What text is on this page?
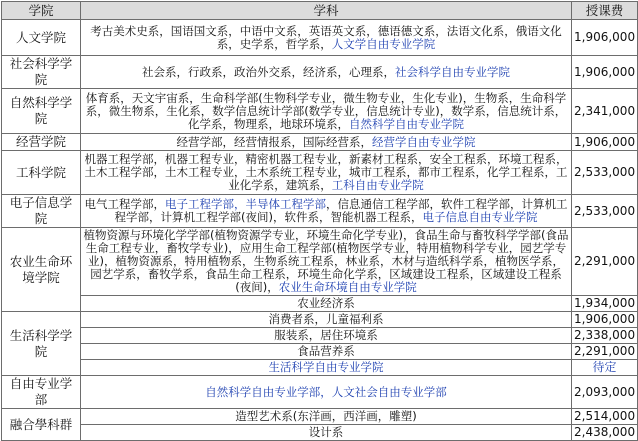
学院	学科	授课费
人文学院	考古美术史系，国语国文系，中语中文系，英语英文系，德语德文系，法语文化系，俄语文化系，史学系，哲学系，人文学自由专业学院	1,906,000
社会科学学院	社会系，行政系，政治外交系，经济系，心理系，社会科学自由专业学院	1,906,000
自然科学学院	体育系，天文宇宙系，生命科学部(生物科学专业，微生物专业，生化专业)，生物系，生命科学系，微生物系，生化系，数学信息统计学部(数学专业，信息统计专业)，数学系，信息统计系，化学系，物理系，地球环境系，自然科学自由专业学院	2,341,000
经营学院	经营学部，经营情报系，国际经营系，经营学自由专业学院	1,906,000
工科学院	机器工程学部，机器工程专业，精密机器工程专业，新素材工程系，安全工程系，环境工程系，土木工程学部，土木工程专业，土木系统工程专业，城市工程系，都市工程系，化学工程系，工业化学系，建筑系，工科自由专业学院	2,533,000
电子信息学院	电气工程学部，电子工程学部，半导体工程学部，信息通信工程学部，软件工程学部，计算机工程学部，计算机工程学部(夜间)，软件系，智能机器工程系，电子信息自由专业学院	2,533,000
农业生命环境学院	植物资源与环境化学学部(植物资源学专业，环境生命化学专业)，食品生命与畜牧科学学部(食品生命工程专业，畜牧学专业)，应用生命工程学部(植物医学专业，特用植物科学专业，园艺学专业)，植物资源系，特用植物系，生物系统工程系，林业系，木材与造纸科学系，植物医学系，园艺学系，畜牧学系，食品生命工程系，环境生命化学系，区域建设工程系，区域建设工程系(夜间)，农业生命环境自由专业学院	2,291,000
	农业经济系	1,934,000
生活科学学院	消费者系，儿童福利系	1,906,000
	服装系，居住环境系	2,338,000
	食品营养系	2,291,000
	生活科学自由专业学院	待定
自由专业学部	自然科学自由专业学部，人文社会自由专业学部	2,093,000
融合學科群	造型艺术系(东洋画，西洋画，雕塑)	2,514,000
	设计系	2,438,000
